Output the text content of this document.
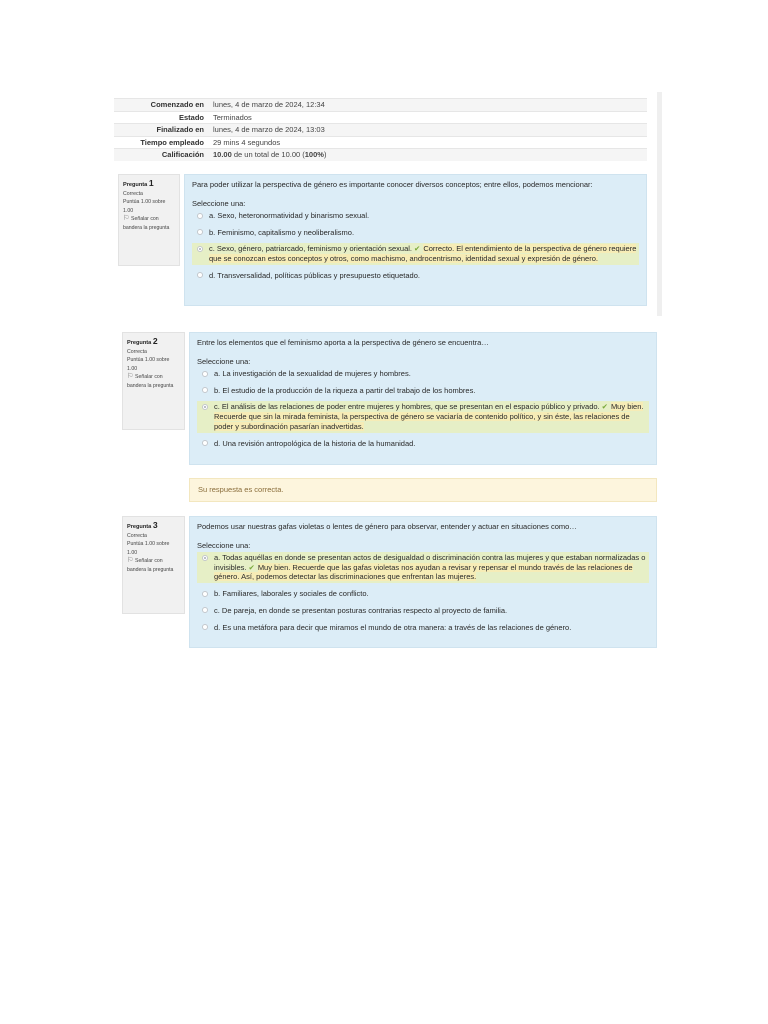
Comenzado en	lunes, 4 de marzo de 2024, 12:34
Estado	Terminados
Finalizado en	lunes, 4 de marzo de 2024, 13:03
Tiempo empleado	29 mins 4 segundos
Calificación	10.00 de un total de 10.00 (100%)
Pregunta 1
Correcta
Puntúa 1.00 sobre 1.00
⚐ Señalar con bandera la pregunta
Para poder utilizar la perspectiva de género es importante conocer diversos conceptos; entre ellos, podemos mencionar:
Seleccione una:
a. Sexo, heteronormatividad y binarismo sexual.
b. Feminismo, capitalismo y neoliberalismo.
c. Sexo, género, patriarcado, feminismo y orientación sexual. ✔ Correcto. El entendimiento de la perspectiva de género requiere que se conozcan estos conceptos y otros, como machismo, androcentrismo, identidad sexual y expresión de género.
d. Transversalidad, políticas públicas y presupuesto etiquetado.
Pregunta 2
Correcta
Puntúa 1.00 sobre 1.00
⚐ Señalar con bandera la pregunta
Entre los elementos que el feminismo aporta a la perspectiva de género se encuentra…
Seleccione una:
a. La investigación de la sexualidad de mujeres y hombres.
b. El estudio de la producción de la riqueza a partir del trabajo de los hombres.
c. El análisis de las relaciones de poder entre mujeres y hombres, que se presentan en el espacio público y privado. ✔ Muy bien. Recuerde que sin la mirada feminista, la perspectiva de género se vaciaría de contenido político, y sin éste, las relaciones de poder y subordinación pasarían inadvertidas.
d. Una revisión antropológica de la historia de la humanidad.
Su respuesta es correcta.
Pregunta 3
Correcta
Puntúa 1.00 sobre 1.00
⚐ Señalar con bandera la pregunta
Podemos usar nuestras gafas violetas o lentes de género para observar, entender y actuar en situaciones como…
Seleccione una:
a. Todas aquéllas en donde se presentan actos de desigualdad o discriminación contra las mujeres y que estaban normalizadas o invisibles. ✔ Muy bien. Recuerde que las gafas violetas nos ayudan a revisar y repensar el mundo través de las relaciones de género. Así, podemos detectar las discriminaciones que enfrentan las mujeres.
b. Familiares, laborales y sociales de conflicto.
c. De pareja, en donde se presentan posturas contrarias respecto al proyecto de familia.
d. Es una metáfora para decir que miramos el mundo de otra manera: a través de las relaciones de género.
